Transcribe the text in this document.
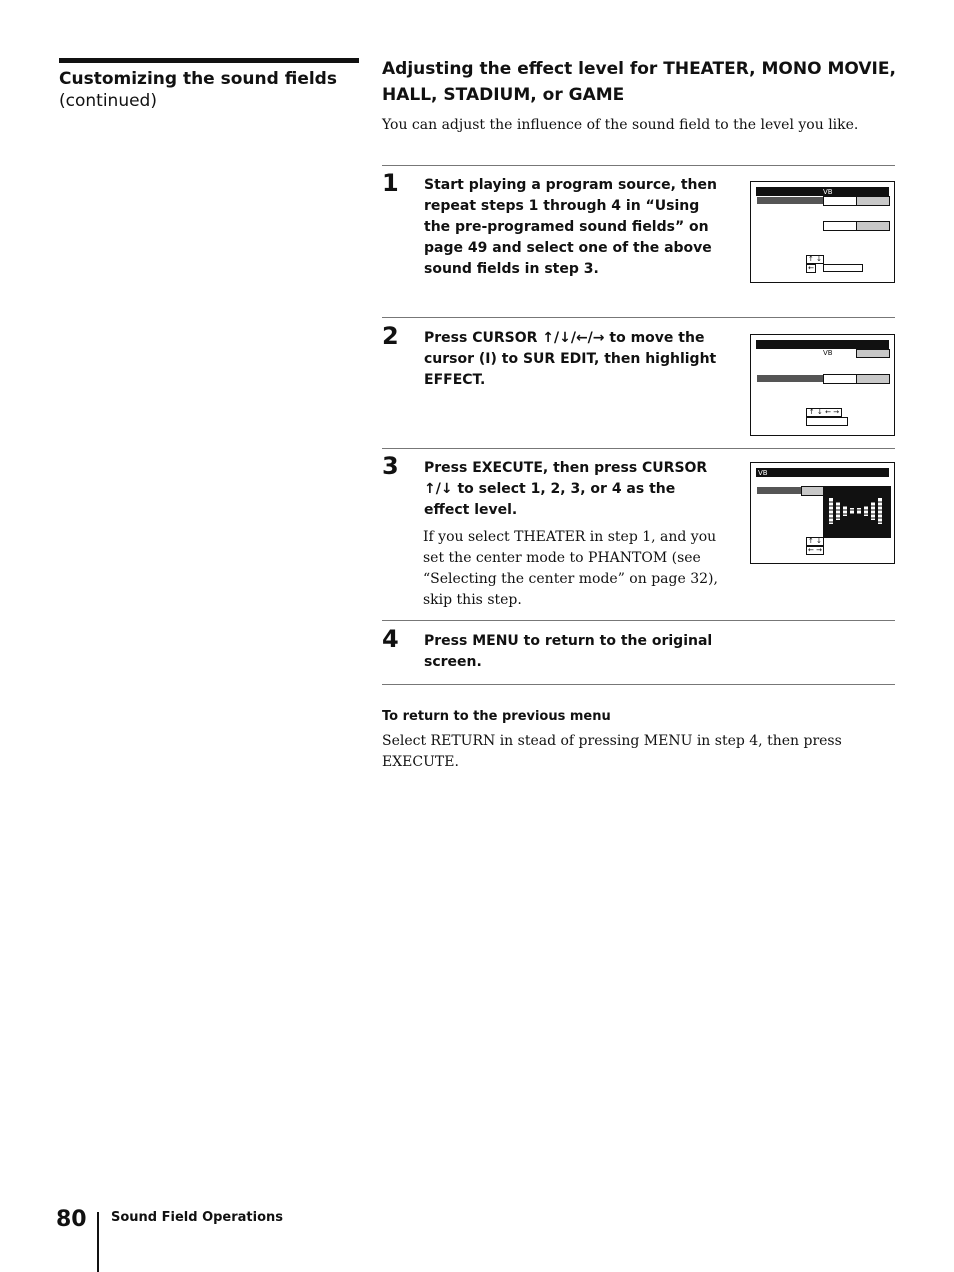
Customizing the sound fields
(continued)
Adjusting the effect level for THEATER, MONO MOVIE, HALL, STADIUM, or GAME
You can adjust the influence of the sound field to the level you like.
1 Start playing a program source, then repeat steps 1 through 4 in “Using the pre-programed sound fields” on page 49 and select one of the above sound fields in step 3.
VB
↑ ↓
←
2 Press CURSOR ↑/↓/←/→ to move the cursor (I) to SUR EDIT, then highlight EFFECT.
VB
↑ ↓ ← →
3 Press EXECUTE, then press CURSOR ↑/↓ to select 1, 2, 3, or 4 as the effect level.
If you select THEATER in step 1, and you set the center mode to PHANTOM (see “Selecting the center mode” on page 32), skip this step.
VB
↑ ↓
← →
4 Press MENU to return to the original screen.
To return to the previous menu
Select RETURN in stead of pressing MENU in step 4, then press EXECUTE.
80 Sound Field Operations
